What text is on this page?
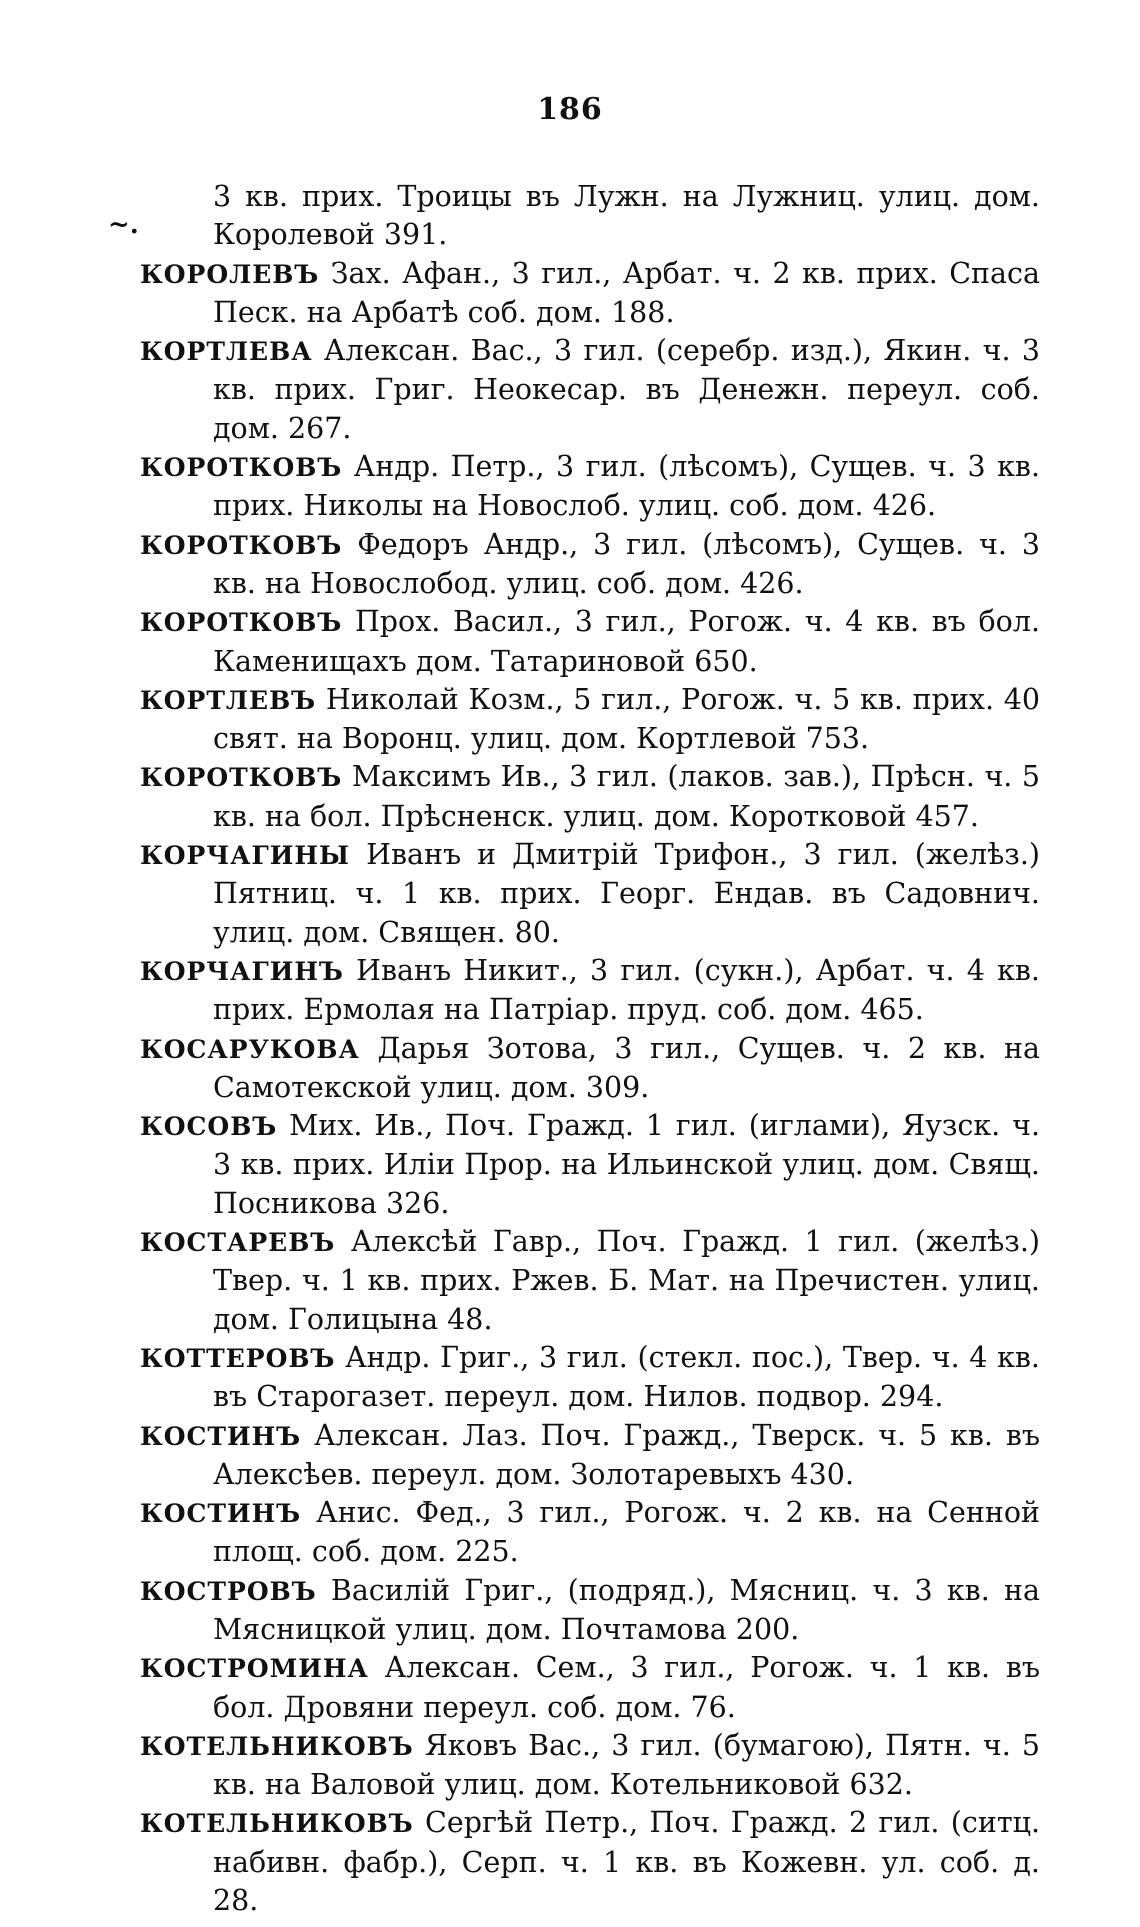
186
~.
3 кв. прих. Троицы въ Лужн. на Лужниц. улиц. дом. Королевой 391.
КОРОЛЕВЪ Зах. Афан., 3 гил., Арбат. ч. 2 кв. прих. Спаса Песк. на Арбатѣ соб. дом. 188.
КОРТЛЕВА Алексан. Вас., 3 гил. (серебр. изд.), Якин. ч. 3 кв. прих. Григ. Неокесар. въ Денежн. переул. соб. дом. 267.
КОРОТКОВЪ Андр. Петр., 3 гил. (лѣсомъ), Сущев. ч. 3 кв. прих. Николы на Новослоб. улиц. соб. дом. 426.
КОРОТКОВЪ Федоръ Андр., 3 гил. (лѣсомъ), Сущев. ч. 3 кв. на Новослобод. улиц. соб. дом. 426.
КОРОТКОВЪ Прох. Васил., 3 гил., Рогож. ч. 4 кв. въ бол. Каменищахъ дом. Татариновой 650.
КОРТЛЕВЪ Николай Козм., 5 гил., Рогож. ч. 5 кв. прих. 40 свят. на Воронц. улиц. дом. Кортлевой 753.
КОРОТКОВЪ Максимъ Ив., 3 гил. (лаков. зав.), Прѣсн. ч. 5 кв. на бол. Прѣсненск. улиц. дом. Коротковой 457.
КОРЧАГИНЫ Иванъ и Дмитрій Трифон., 3 гил. (желѣз.) Пятниц. ч. 1 кв. прих. Георг. Ендав. въ Садовнич. улиц. дом. Священ. 80.
КОРЧАГИНЪ Иванъ Никит., 3 гил. (сукн.), Арбат. ч. 4 кв. прих. Ермолая на Патріар. пруд. соб. дом. 465.
КОСАРУКОВА Дарья Зотова, 3 гил., Сущев. ч. 2 кв. на Самотекской улиц. дом. 309.
КОСОВЪ Мих. Ив., Поч. Гражд. 1 гил. (иглами), Яузск. ч. 3 кв. прих. Иліи Прор. на Ильинской улиц. дом. Свящ. Посникова 326.
КОСТАРЕВЪ Алексѣй Гавр., Поч. Гражд. 1 гил. (желѣз.) Твер. ч. 1 кв. прих. Ржев. Б. Мат. на Пречистен. улиц. дом. Голицына 48.
КОТТЕРОВЪ Андр. Григ., 3 гил. (стекл. пос.), Твер. ч. 4 кв. въ Старогазет. переул. дом. Нилов. подвор. 294.
КОСТИНЪ Алексан. Лаз. Поч. Гражд., Тверск. ч. 5 кв. въ Алексѣев. переул. дом. Золотаревыхъ 430.
КОСТИНЪ Анис. Фед., 3 гил., Рогож. ч. 2 кв. на Сенной площ. соб. дом. 225.
КОСТРОВЪ Василій Григ., (подряд.), Мясниц. ч. 3 кв. на Мясницкой улиц. дом. Почтамова 200.
КОСТРОМИНА Алексан. Сем., 3 гил., Рогож. ч. 1 кв. въ бол. Дровяни переул. соб. дом. 76.
КОТЕЛЬНИКОВЪ Яковъ Вас., 3 гил. (бумагою), Пятн. ч. 5 кв. на Валовой улиц. дом. Котельниковой 632.
КОТЕЛЬНИКОВЪ Сергѣй Петр., Поч. Гражд. 2 гил. (ситц. набивн. фабр.), Серп. ч. 1 кв. въ Кожевн. ул. соб. д. 28.
